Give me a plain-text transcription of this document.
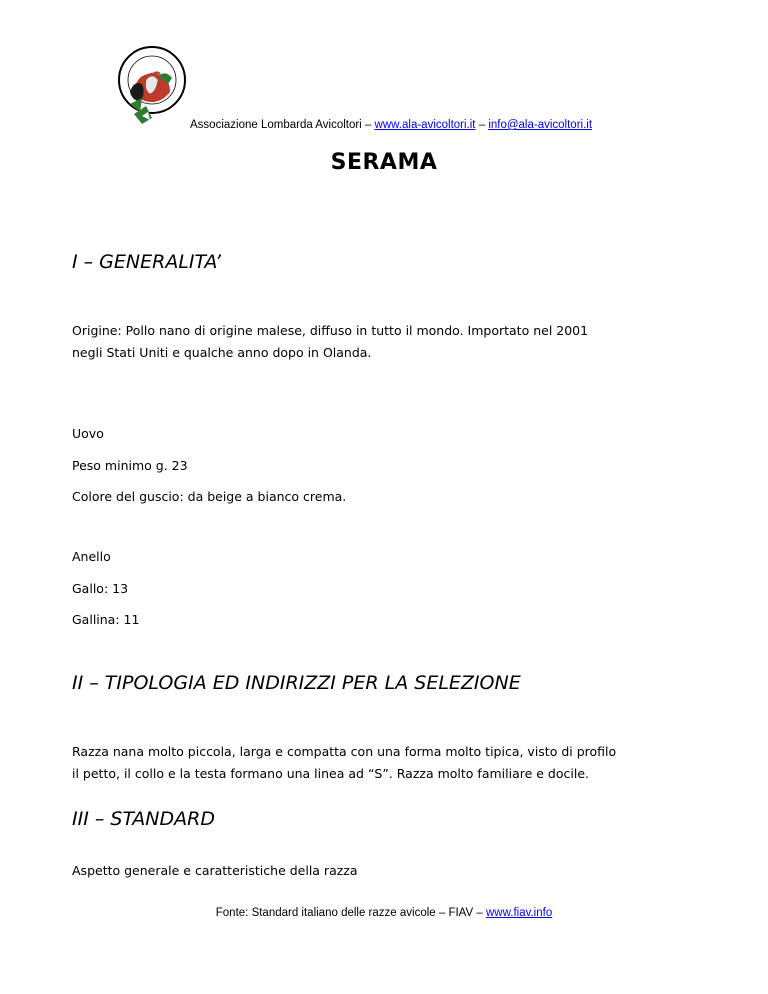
Associazione Lombarda Avicoltori – www.ala-avicoltori.it – info@ala-avicoltori.it
SERAMA
I – GENERALITA’
Origine: Pollo nano di origine malese, diffuso in tutto il mondo. Importato nel 2001
negli Stati Uniti e qualche anno dopo in Olanda.
Uovo
Peso minimo g. 23
Colore del guscio: da beige a bianco crema.
Anello
Gallo: 13
Gallina: 11
II – TIPOLOGIA ED INDIRIZZI PER LA SELEZIONE
Razza nana molto piccola, larga e compatta con una forma molto tipica, visto di profilo
il petto, il collo e la testa formano una linea ad “S”. Razza molto familiare e docile.
III – STANDARD
Aspetto generale e caratteristiche della razza
Fonte: Standard italiano delle razze avicole – FIAV – www.fiav.info
